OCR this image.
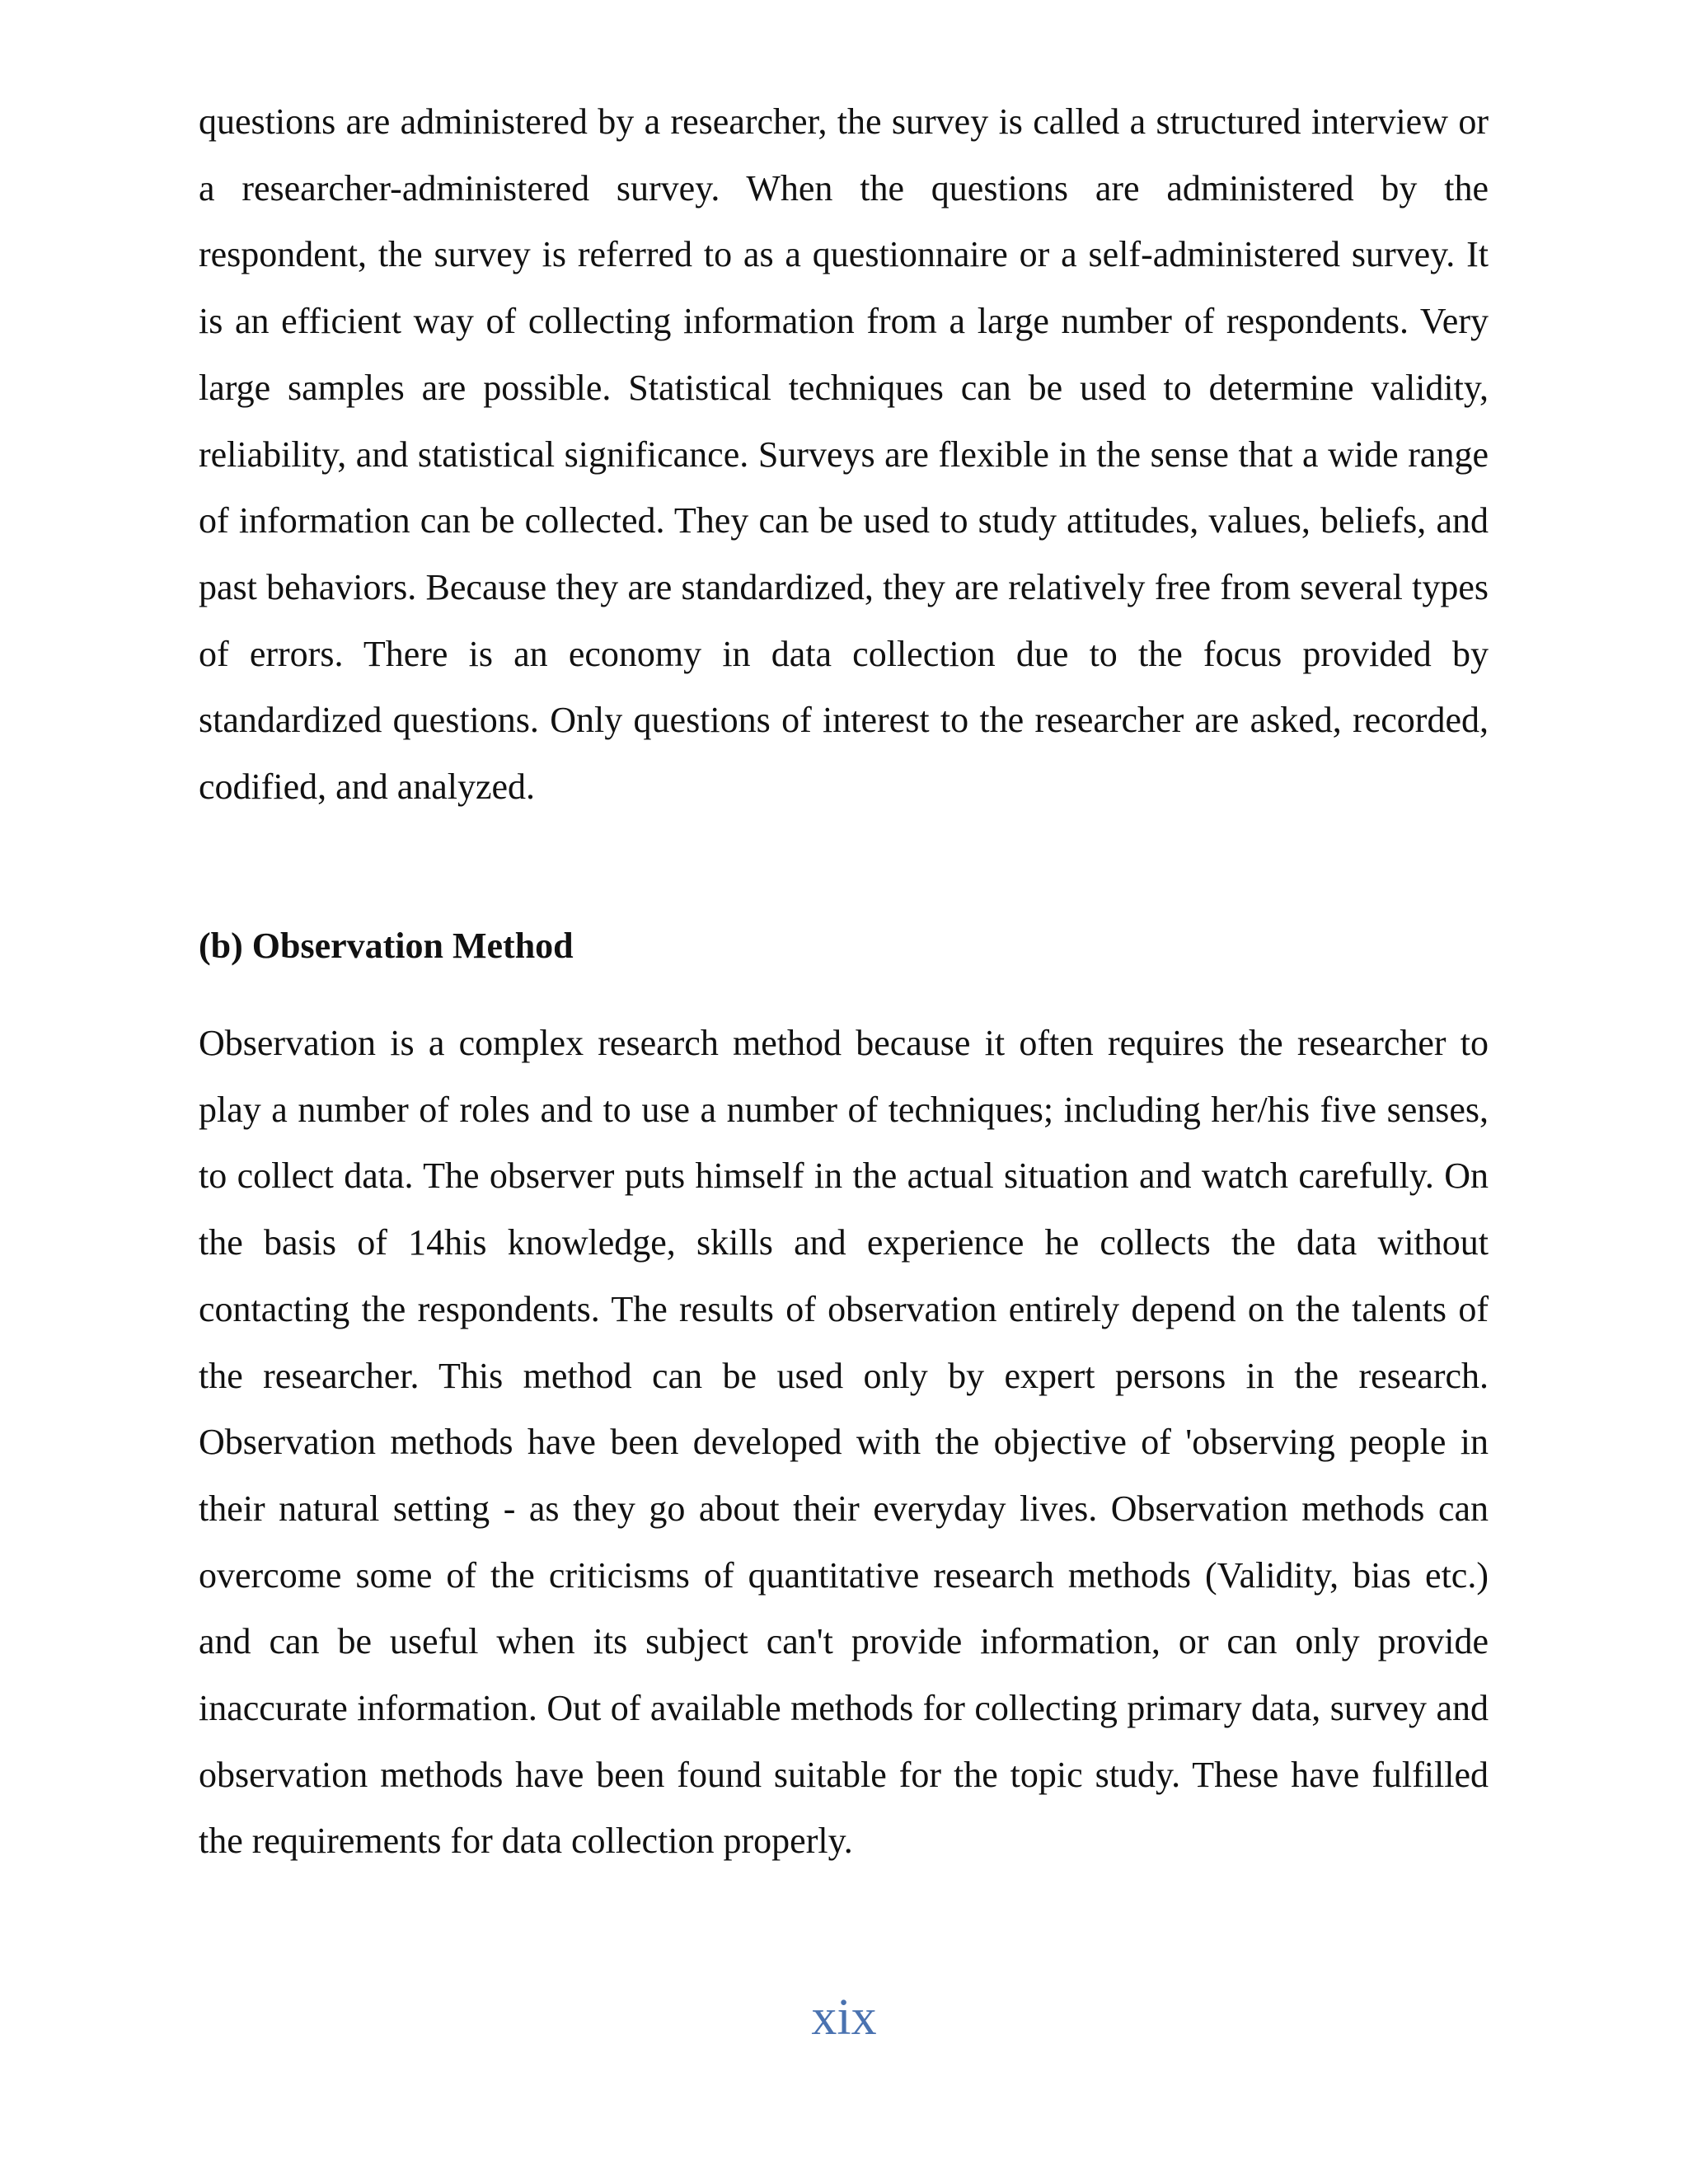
questions are administered by a researcher, the survey is called a structured interview or a researcher-administered survey. When the questions are administered by the respondent, the survey is referred to as a questionnaire or a self-administered survey. It is an efficient way of collecting information from a large number of respondents. Very large samples are possible. Statistical techniques can be used to determine validity, reliability, and statistical significance. Surveys are flexible in the sense that a wide range of information can be collected. They can be used to study attitudes, values, beliefs, and past behaviors. Because they are standardized, they are relatively free from several types of errors. There is an economy in data collection due to the focus provided by standardized questions. Only questions of interest to the researcher are asked, recorded, codified, and analyzed.

(b) Observation Method

Observation is a complex research method because it often requires the researcher to play a number of roles and to use a number of techniques; including her/his five senses, to collect data. The observer puts himself in the actual situation and watch carefully. On the basis of 14his knowledge, skills and experience he collects the data without contacting the respondents. The results of observation entirely depend on the talents of the researcher. This method can be used only by expert persons in the research. Observation methods have been developed with the objective of 'observing people in their natural setting - as they go about their everyday lives. Observation methods can overcome some of the criticisms of quantitative research methods (Validity, bias etc.) and can be useful when its subject can't provide information, or can only provide inaccurate information. Out of available methods for collecting primary data, survey and observation methods have been found suitable for the topic study. These have fulfilled the requirements for data collection properly.

xix
